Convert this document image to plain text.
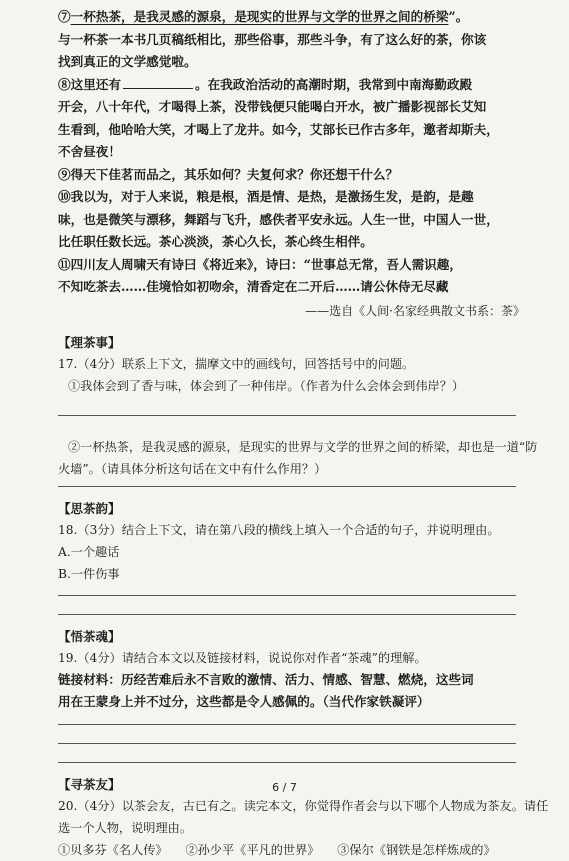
⑦一杯热茶，是我灵感的源泉，是现实的世界与文学的世界之间的桥梁”。
与一杯茶一本书几页稿纸相比，那些俗事，那些斗争，有了这么好的茶，你该
找到真正的文学感觉啦。
⑧这里还有	。在我政治活动的高潮时期，我常到中南海勤政殿
开会，八十年代，才喝得上茶，没带钱便只能喝白开水，被广播影视部长艾知
生看到，他哈哈大笑，才喝上了龙井。如今，艾部长已作古多年，邀者却斯夫，
不舍昼夜！
⑨得天下佳茗而品之，其乐如何？夫复何求？你还想干什么？
⑩我以为，对于人来说，粮是根，酒是情、是热，是激扬生发，是韵，是趣
味，也是微笑与漂移，舞蹈与飞升，感佚者平安永远。人生一世，中国人一世，
比任职任数长远。茶心淡淡，茶心久长，茶心终生相伴。
⑪四川友人周啸天有诗曰《将近来》，诗曰：“世事总无常，吾人需识趣，
不知吃茶去……佳境恰如初吻余，清香定在二开后……请公休侍无尽藏
——选自《人间·名家经典散文书系：茶》
【理茶事】
17.（4分）联系上下文，揣摩文中的画线句，回答括号中的问题。
①我体会到了香与味，体会到了一种伟岸。（作者为什么会体会到伟岸？）
②一杯热茶，是我灵感的源泉，是现实的世界与文学的世界之间的桥梁，却也是一道“防
火墙”。（请具体分析这句话在文中有什么作用？）
【思茶韵】
18.（3分）结合上下文，请在第八段的横线上填入一个合适的句子，并说明理由。
A.一个趣话
B.一件伤事
【悟茶魂】
19.（4分）请结合本文以及链接材料，说说你对作者“茶魂”的理解。
链接材料：历经苦难后永不言败的激情、活力、情感、智慧、燃烧，这些词
用在王蒙身上并不过分，这些都是令人感佩的。（当代作家铁凝评）
【寻茶友】
20.（4分）以茶会友，古已有之。读完本文，你觉得作者会与以下哪个人物成为茶友。请任
选一个人物，说明理由。
①贝多芬《名人传》 ②孙少平《平凡的世界》 ③保尔《钢铁是怎样炼成的》
6 / 7
